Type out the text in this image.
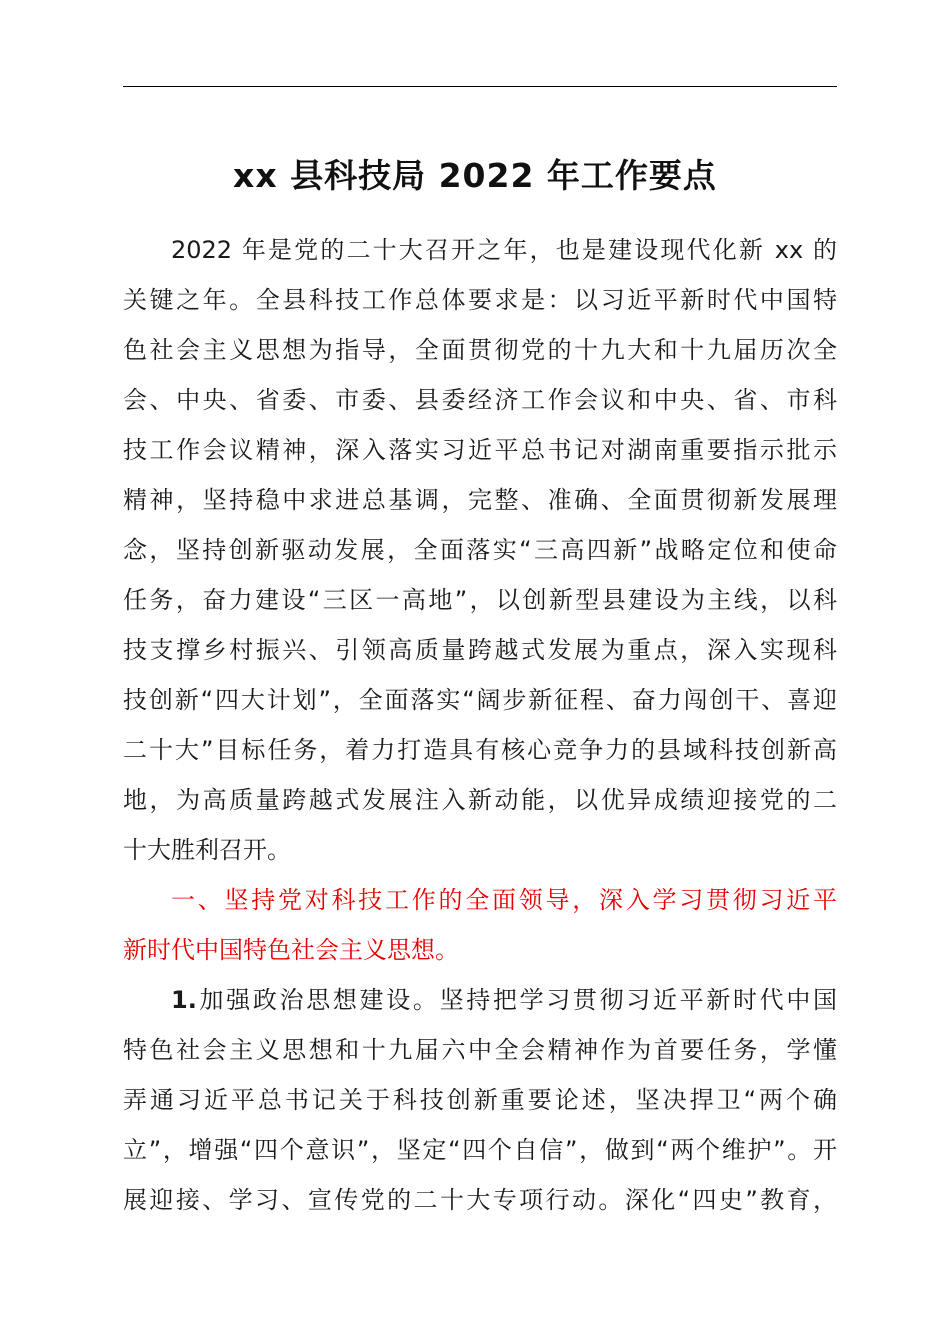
xx 县科技局 2022 年工作要点

2022 年是党的二十大召开之年，也是建设现代化新 xx 的
关键之年。全县科技工作总体要求是：以习近平新时代中国特
色社会主义思想为指导，全面贯彻党的十九大和十九届历次全
会、中央、省委、市委、县委经济工作会议和中央、省、市科
技工作会议精神，深入落实习近平总书记对湖南重要指示批示
精神，坚持稳中求进总基调，完整、准确、全面贯彻新发展理
念，坚持创新驱动发展，全面落实“三高四新”战略定位和使命
任务，奋力建设“三区一高地”，以创新型县建设为主线，以科
技支撑乡村振兴、引领高质量跨越式发展为重点，深入实现科
技创新“四大计划”，全面落实“阔步新征程、奋力闯创干、喜迎
二十大”目标任务，着力打造具有核心竞争力的县域科技创新高
地，为高质量跨越式发展注入新动能，以优异成绩迎接党的二
十大胜利召开。

一、坚持党对科技工作的全面领导，深入学习贯彻习近平
新时代中国特色社会主义思想。

1.加强政治思想建设。坚持把学习贯彻习近平新时代中国
特色社会主义思想和十九届六中全会精神作为首要任务，学懂
弄通习近平总书记关于科技创新重要论述，坚决捍卫“两个确
立”，增强“四个意识”，坚定“四个自信”，做到“两个维护”。开
展迎接、学习、宣传党的二十大专项行动。深化“四史”教育，
